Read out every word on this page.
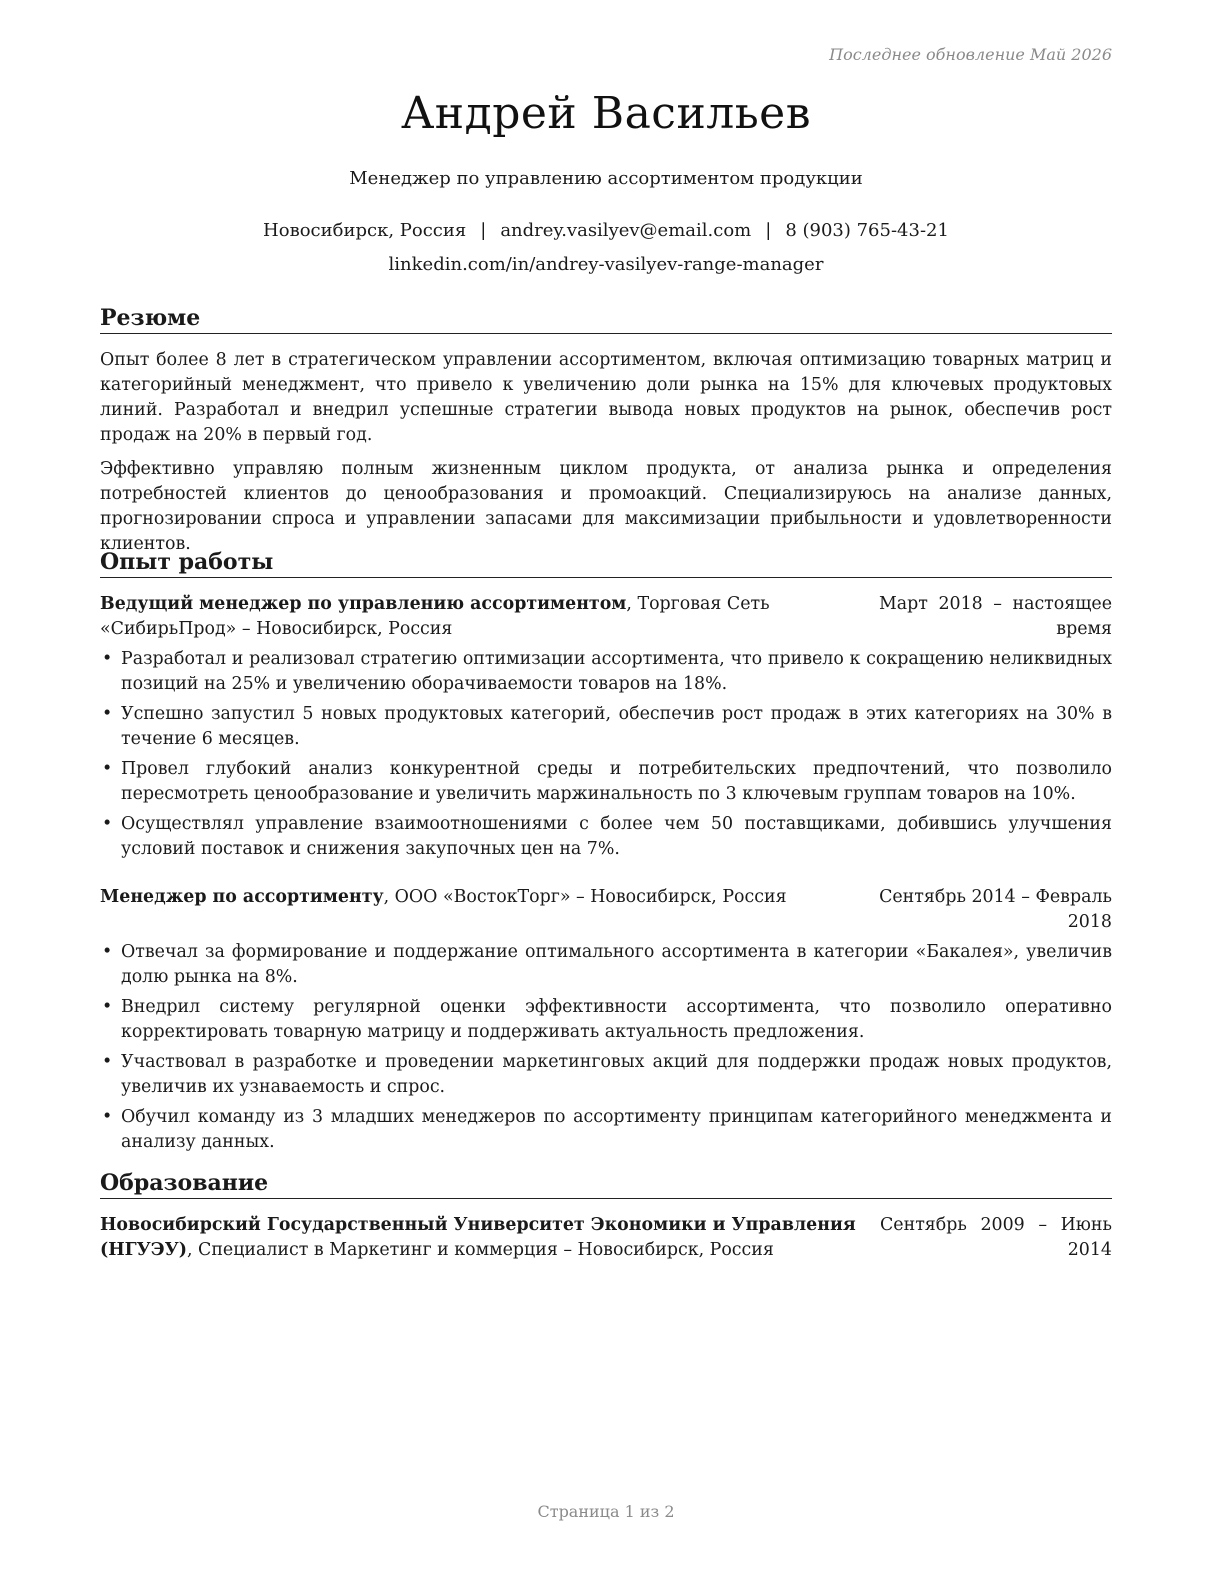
Последнее обновление Май 2026
Андрей Васильев
Менеджер по управлению ассортиментом продукции
Новосибирск, Россия | andrey.vasilyev@email.com | 8 (903) 765-43-21
linkedin.com/in/andrey-vasilyev-range-manager
Резюме

Опыт более 8 лет в стратегическом управлении ассортиментом, включая оптимизацию товарных матриц и категорийный менеджмент, что привело к увеличению доли рынка на 15% для ключевых продуктовых линий. Разработал и внедрил успешные стратегии вывода новых продуктов на рынок, обеспечив рост продаж на 20% в первый год.

Эффективно управляю полным жизненным циклом продукта, от анализа рынка и определения потребностей клиентов до ценообразования и промоакций. Специализируюсь на анализе данных, прогнозировании спроса и управлении запасами для максимизации прибыльности и удовлетворенности клиентов.

Опыт работы
Ведущий менеджер по управлению ассортиментом, Торговая Сеть «СибирьПрод» – Новосибирск, Россия
Март 2018 – настоящее время
• Разработал и реализовал стратегию оптимизации ассортимента, что привело к сокращению неликвидных позиций на 25% и увеличению оборачиваемости товаров на 18%.
• Успешно запустил 5 новых продуктовых категорий, обеспечив рост продаж в этих категориях на 30% в течение 6 месяцев.
• Провел глубокий анализ конкурентной среды и потребительских предпочтений, что позволило пересмотреть ценообразование и увеличить маржинальность по 3 ключевым группам товаров на 10%.
• Осуществлял управление взаимоотношениями с более чем 50 поставщиками, добившись улучшения условий поставок и снижения закупочных цен на 7%.
Менеджер по ассортименту, ООО «ВостокТорг» – Новосибирск, Россия	Сентябрь 2014 – Февраль 2018
• Отвечал за формирование и поддержание оптимального ассортимента в категории «Бакалея», увеличив долю рынка на 8%.
• Внедрил систему регулярной оценки эффективности ассортимента, что позволило оперативно корректировать товарную матрицу и поддерживать актуальность предложения.
• Участвовал в разработке и проведении маркетинговых акций для поддержки продаж новых продуктов, увеличив их узнаваемость и спрос.
• Обучил команду из 3 младших менеджеров по ассортименту принципам категорийного менеджмента и анализу данных.
Образование
Новосибирский Государственный Университет Экономики и Управления (НГУЭУ), Специалист в Маркетинг и коммерция – Новосибирск, Россия
Сентябрь 2009 – Июнь 2014
Страница 1 из 2
